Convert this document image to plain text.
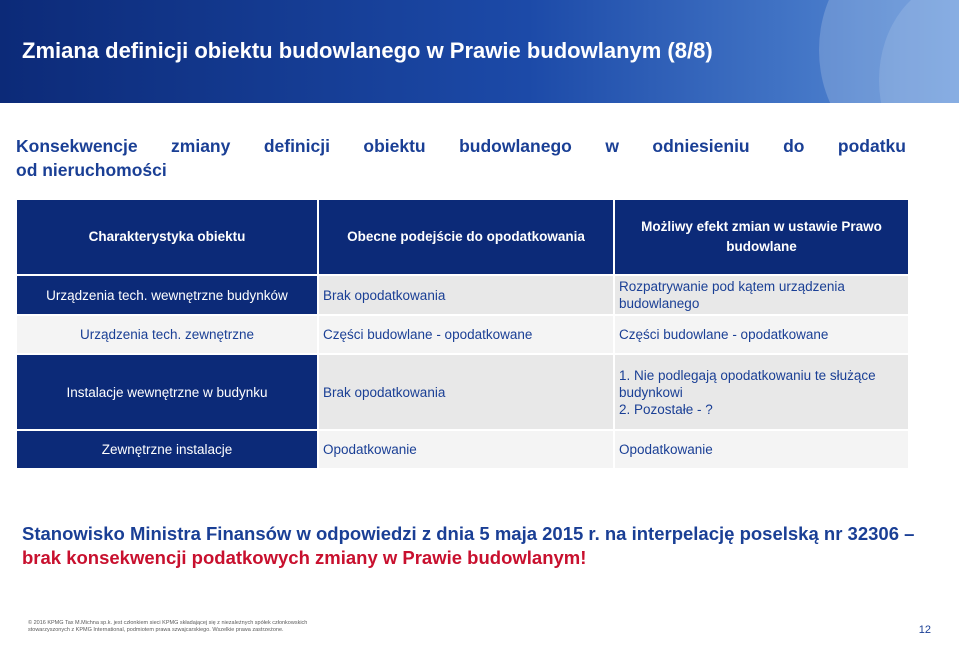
Zmiana definicji obiektu budowlanego w Prawie budowlanym (8/8)
Konsekwencje zmiany definicji obiektu budowlanego w odniesieniu do podatku
od nieruchomości
Charakterystyka obiektu	Obecne podejście do opodatkowania	Możliwy efekt zmian w ustawie Prawo budowlane
Urządzenia tech. wewnętrzne budynków	Brak opodatkowania	Rozpatrywanie pod kątem urządzenia budowlanego
Urządzenia tech. zewnętrzne	Części budowlane - opodatkowane	Części budowlane - opodatkowane
Instalacje wewnętrzne w budynku	Brak opodatkowania	1. Nie podlegają opodatkowaniu te służące budynkowi
2. Pozostałe - ?

Zewnętrzne instalacje	Opodatkowanie	Opodatkowanie
Stanowisko Ministra Finansów w odpowiedzi z dnia 5 maja 2015 r. na interpelację poselską nr 32306 – brak konsekwencji podatkowych zmiany w Prawie budowlanym!
© 2016 KPMG Tax M.Michna sp.k. jest członkiem sieci KPMG składającej się z niezależnych spółek członkowskich stowarzyszonych z KPMG International, podmiotem prawa szwajcarskiego. Wszelkie prawa zastrzeżone.	12
